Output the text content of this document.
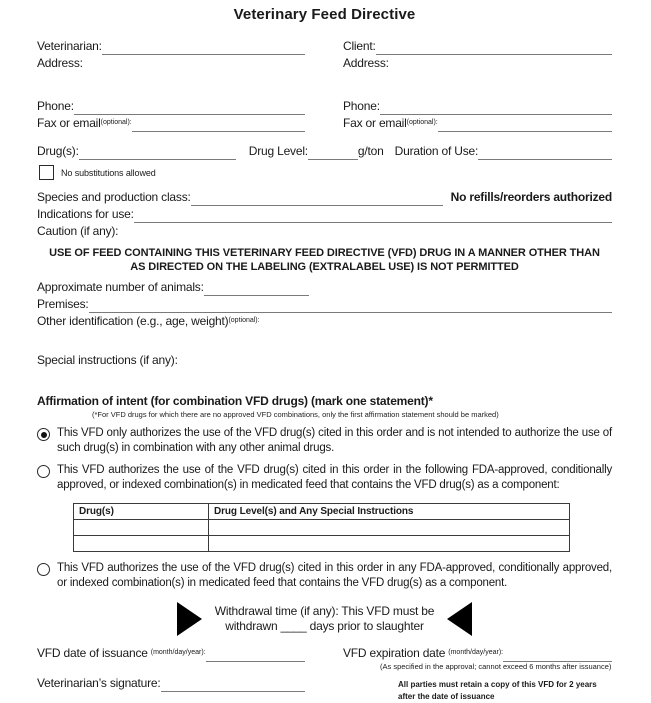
Veterinary Feed Directive
Veterinarian:
Address:
Client:
Address:
Phone:
Fax or email (optional):
Phone:
Fax or email (optional):
Drug(s):	Drug Level:	g/ton Duration of Use:
No substitutions allowed
Species and production class:	No refills/reorders authorized
Indications for use:
Caution (if any):

USE OF FEED CONTAINING THIS VETERINARY FEED DIRECTIVE (VFD) DRUG IN A MANNER OTHER THAN AS DIRECTED ON THE LABELING (EXTRALABEL USE) IS NOT PERMITTED

Approximate number of animals:
Premises:
Other identification (e.g., age, weight) (optional):
Special instructions (if any):
Affirmation of intent (for combination VFD drugs) (mark one statement)*
(*For VFD drugs for which there are no approved VFD combinations, only the first affirmation statement should be marked)

This VFD only authorizes the use of the VFD drug(s) cited in this order and is not intended to authorize the use of such drug(s) in combination with any other animal drugs.

This VFD authorizes the use of the VFD drug(s) cited in this order in the following FDA-approved, conditionally approved, or indexed combination(s) in medicated feed that contains the VFD drug(s) as a component:

Drug(s)	Drug Level(s) and Any Special Instructions

This VFD authorizes the use of the VFD drug(s) cited in this order in any FDA-approved, conditionally approved, or indexed combination(s) in medicated feed that contains the VFD drug(s) as a component.

Withdrawal time (if any): This VFD must be
withdrawn ____ days prior to slaughter
VFD date of issuance (month/day/year):
Veterinarian’s signature:
VFD expiration date (month/day/year):
(As specified in the approval; cannot exceed 6 months after issuance)
All parties must retain a copy of this VFD for 2 years after the date of issuance
